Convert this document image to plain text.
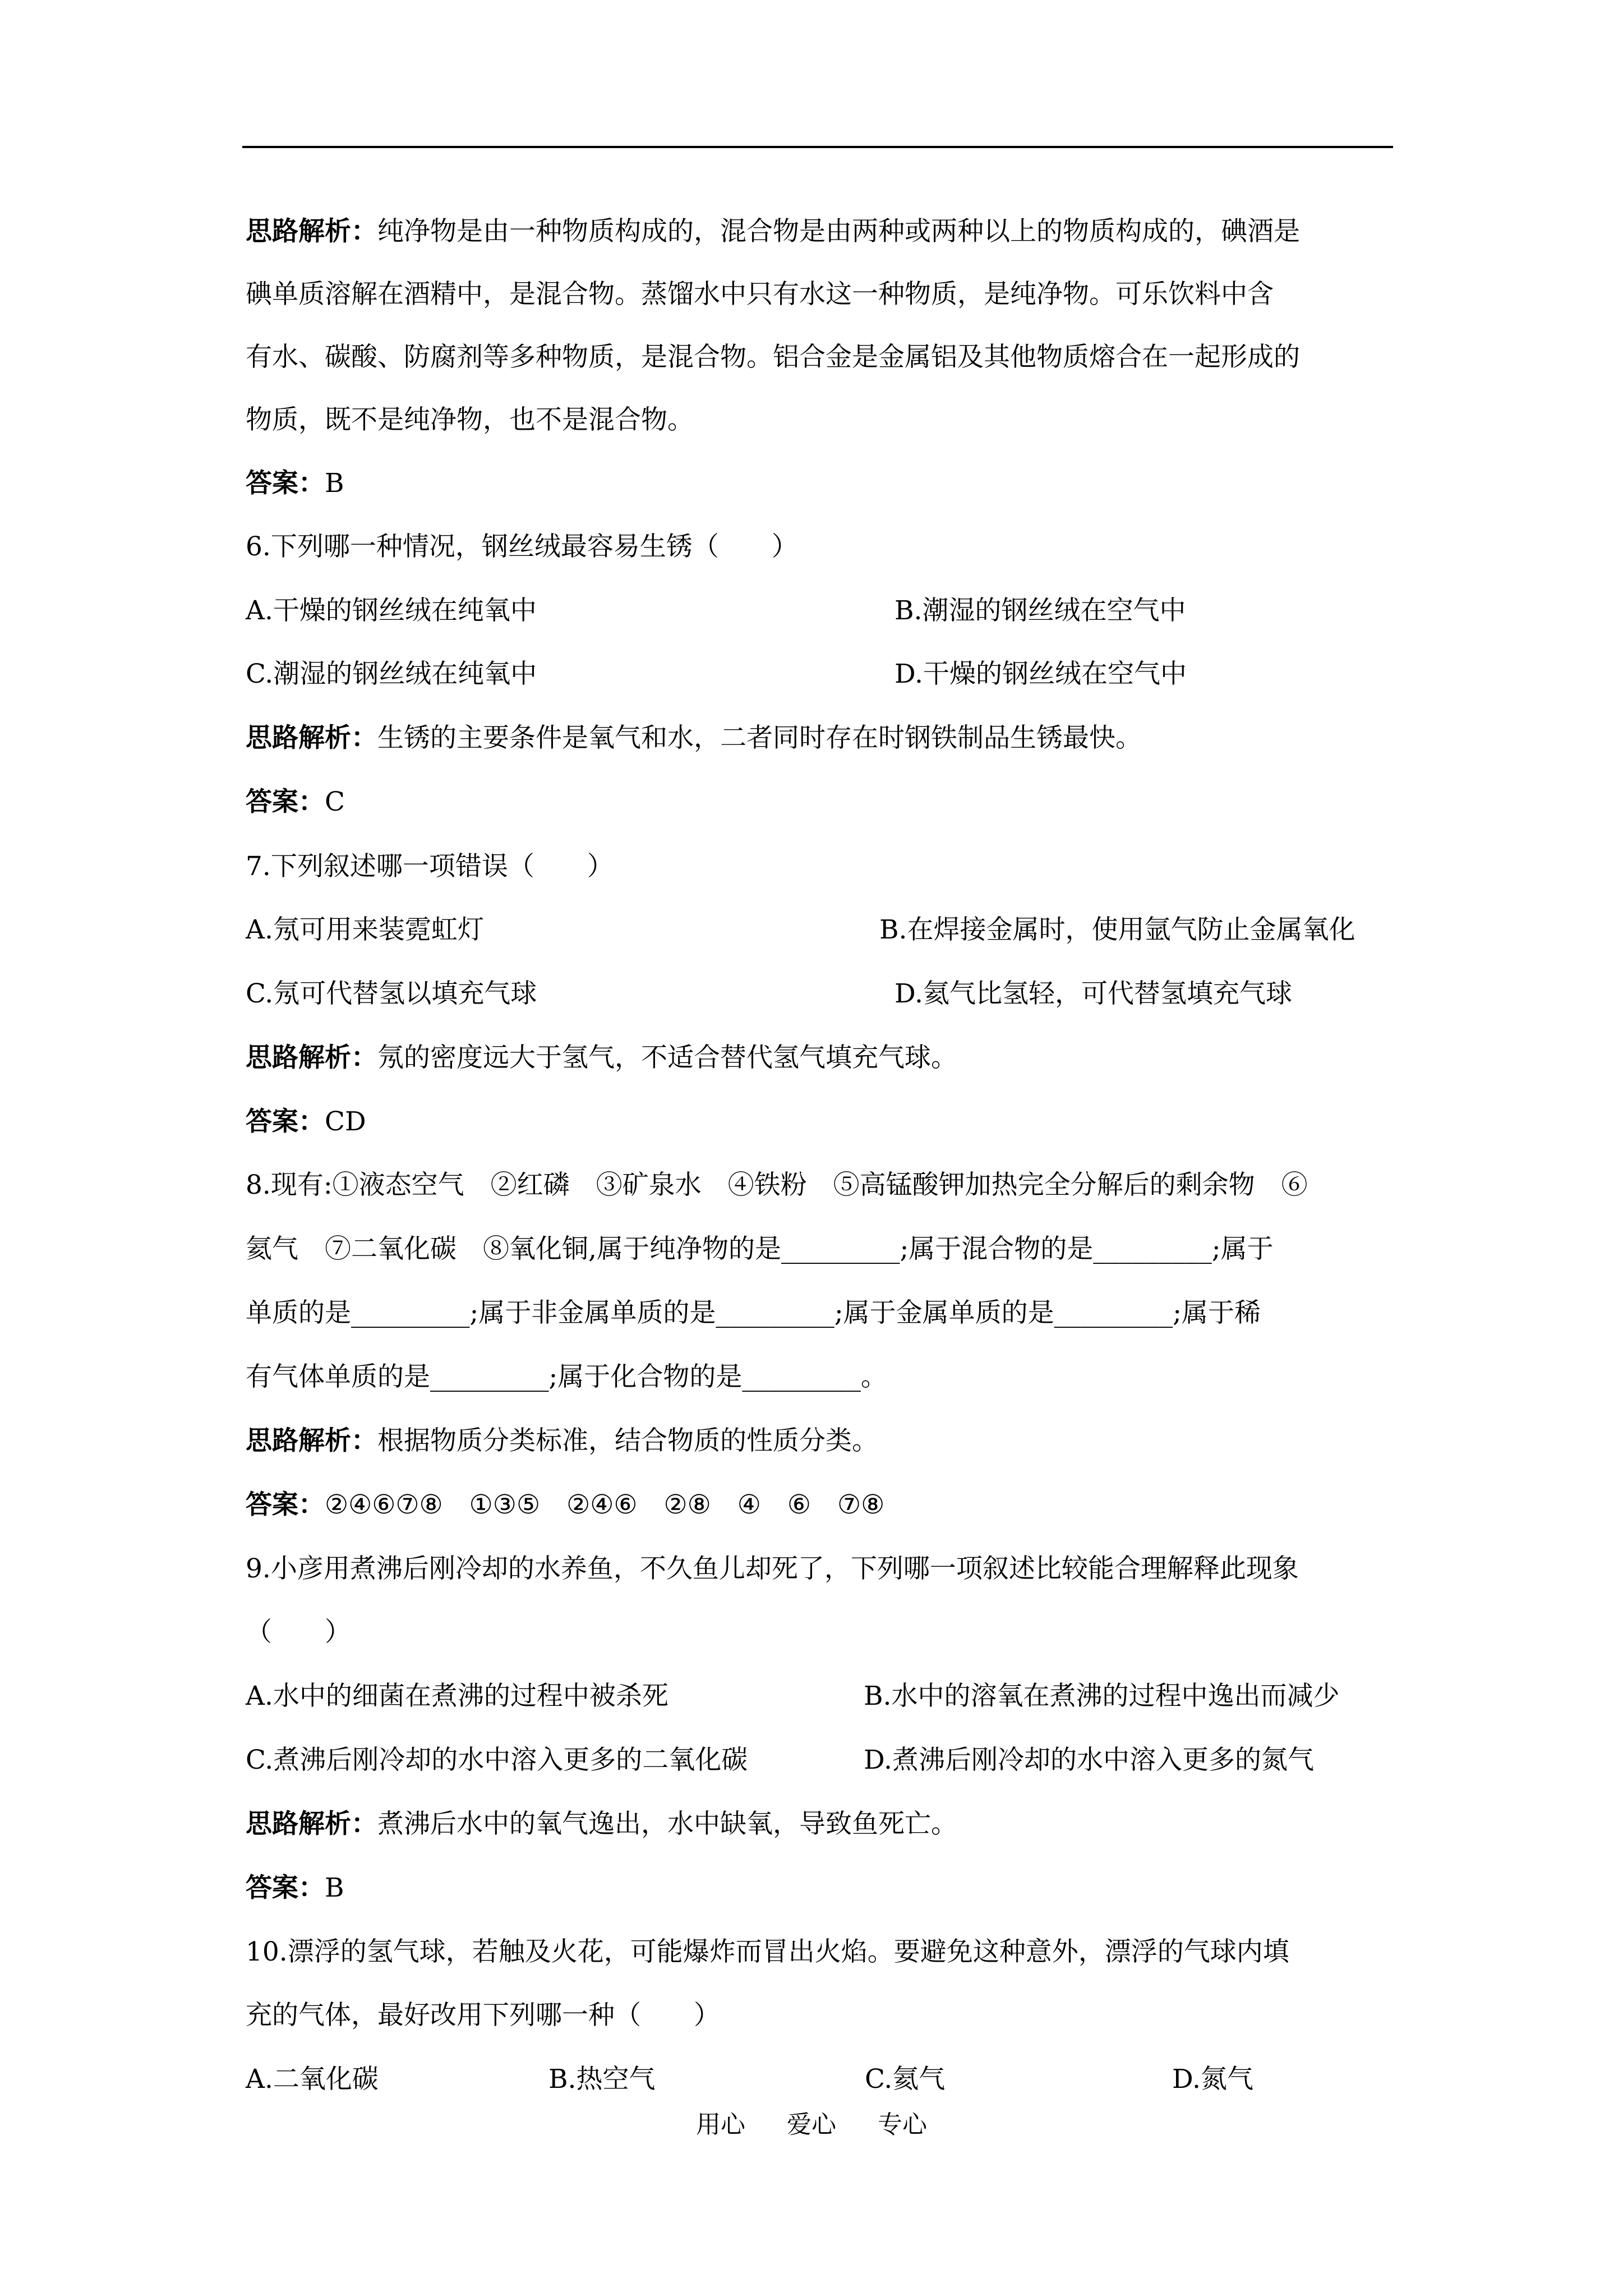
思路解析：纯净物是由一种物质构成的，混合物是由两种或两种以上的物质构成的，碘酒是
碘单质溶解在酒精中，是混合物。蒸馏水中只有水这一种物质，是纯净物。可乐饮料中含
有水、碳酸、防腐剂等多种物质，是混合物。铝合金是金属铝及其他物质熔合在一起形成的
物质，既不是纯净物，也不是混合物。
答案：B
6.下列哪一种情况，钢丝绒最容易生锈（　　）
A.干燥的钢丝绒在纯氧中	B.潮湿的钢丝绒在空气中
C.潮湿的钢丝绒在纯氧中	D.干燥的钢丝绒在空气中
思路解析：生锈的主要条件是氧气和水，二者同时存在时钢铁制品生锈最快。
答案：C
7.下列叙述哪一项错误（　　）
A.氖可用来装霓虹灯	B.在焊接金属时，使用氩气防止金属氧化
C.氖可代替氢以填充气球	D.氦气比氢轻，可代替氢填充气球
思路解析：氖的密度远大于氢气，不适合替代氢气填充气球。
答案：CD
8.现有:①液态空气　②红磷　③矿泉水　④铁粉　⑤高锰酸钾加热完全分解后的剩余物　⑥
氦气　⑦二氧化碳　⑧氧化铜,属于纯净物的是_________;属于混合物的是_________;属于
单质的是_________;属于非金属单质的是_________;属于金属单质的是_________;属于稀
有气体单质的是_________;属于化合物的是_________。
思路解析：根据物质分类标准，结合物质的性质分类。
答案：②④⑥⑦⑧　①③⑤　②④⑥　②⑧　④　⑥　⑦⑧
9.小彦用煮沸后刚冷却的水养鱼，不久鱼儿却死了，下列哪一项叙述比较能合理解释此现象
（　　）
A.水中的细菌在煮沸的过程中被杀死	B.水中的溶氧在煮沸的过程中逸出而减少
C.煮沸后刚冷却的水中溶入更多的二氧化碳	D.煮沸后刚冷却的水中溶入更多的氮气
思路解析：煮沸后水中的氧气逸出，水中缺氧，导致鱼死亡。
答案：B
10.漂浮的氢气球，若触及火花，可能爆炸而冒出火焰。要避免这种意外，漂浮的气球内填
充的气体，最好改用下列哪一种（　　）
A.二氧化碳	B.热空气	C.氦气	D.氮气
用心 爱心 专心
